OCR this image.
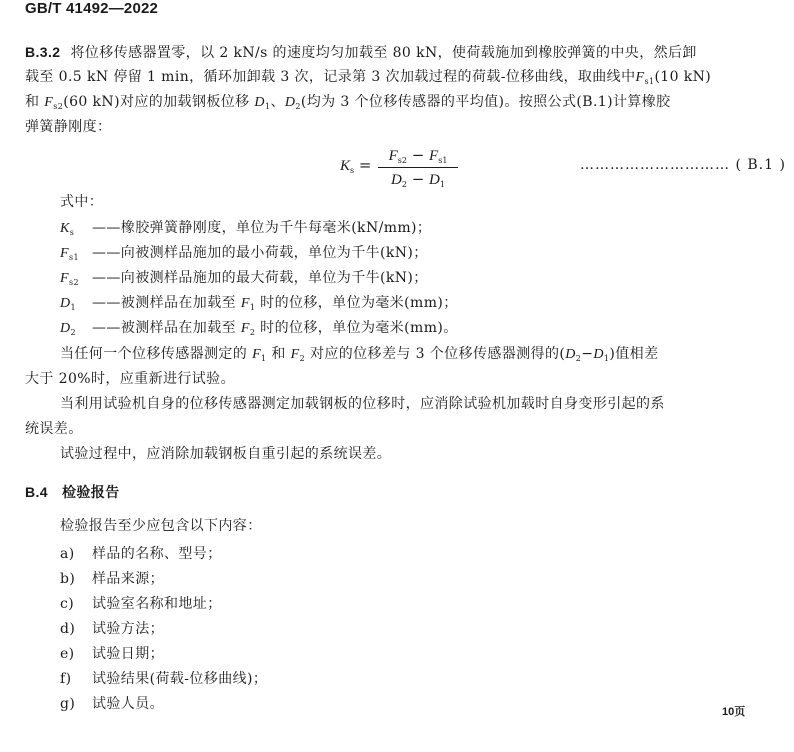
GB/T 41492—2022
B.3.2 将位移传感器置零，以 2 kN/s 的速度均匀加载至 80 kN，使荷载施加到橡胶弹簧的中央，然后卸
载至 0.5 kN 停留 1 min，循环加卸载 3 次，记录第 3 次加载过程的荷载-位移曲线，取曲线中$F_{s1}(10$ kN)
和 $F_{s2}(60$ kN)对应的加载钢板位移 $D_1$、$D_2$(均为 3 个位移传感器的平均值)。按照公式(B.1)计算橡胶
弹簧静刚度：
$K_s$ =	$F_{s2} - F_{s1}$
$D_2 - D_1$
………………………… ( B.1 )
式中：
$K_s$ ——橡胶弹簧静刚度，单位为千牛每毫米(kN/mm)；
$F_{s1}$ ——向被测样品施加的最小荷载，单位为千牛(kN)；
$F_{s2}$ ——向被测样品施加的最大荷载，单位为千牛(kN)；
$D_1$ ——被测样品在加载至 $F_1$ 时的位移，单位为毫米(mm)；
$D_2$ ——被测样品在加载至 $F_2$ 时的位移，单位为毫米(mm)。
当任何一个位移传感器测定的 $F_1$ 和 $F_2$ 对应的位移差与 3 个位移传感器测得的$(D_2-D_1)$值相差
大于 20%时，应重新进行试验。
当利用试验机自身的位移传感器测定加载钢板的位移时，应消除试验机加载时自身变形引起的系
统误差。
试验过程中，应消除加载钢板自重引起的系统误差。
B.4 检验报告
检验报告至少应包含以下内容：
a) 样品的名称、型号；
b) 样品来源；
c) 试验室名称和地址；
d) 试验方法；
e) 试验日期；
f) 试验结果(荷载-位移曲线)；
g) 试验人员。	10页
